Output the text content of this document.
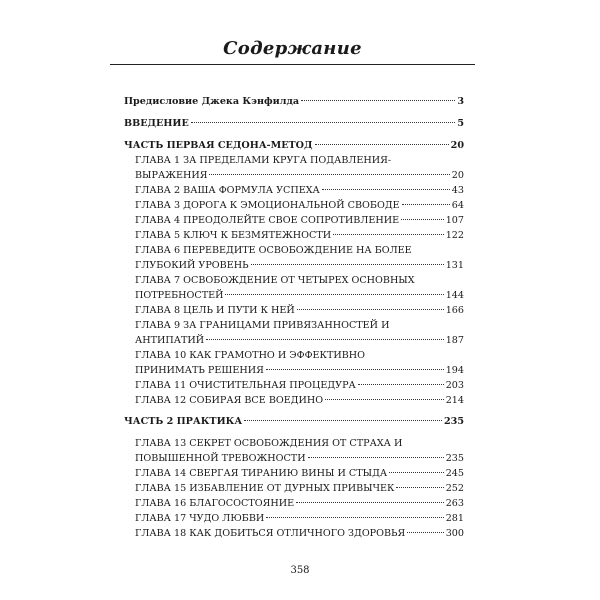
Содержание
Предисловие Джека Кэнфилда	3
ВВЕДЕНИЕ	5
ЧАСТЬ ПЕРВАЯ СЕДОНА-МЕТОД	20
ГЛАВА 1 ЗА ПРЕДЕЛАМИ КРУГА ПОДАВЛЕНИЯ-
ВЫРАЖЕНИЯ	20
ГЛАВА 2 ВАША ФОРМУЛА УСПЕХА	43
ГЛАВА 3 ДОРОГА К ЭМОЦИОНАЛЬНОЙ СВОБОДЕ	64
ГЛАВА 4 ПРЕОДОЛЕЙТЕ СВОЕ СОПРОТИВЛЕНИЕ	107
ГЛАВА 5 КЛЮЧ К БЕЗМЯТЕЖНОСТИ	122
ГЛАВА 6 ПЕРЕВЕДИТЕ ОСВОБОЖДЕНИЕ НА БОЛЕЕ
ГЛУБОКИЙ УРОВЕНЬ	131
ГЛАВА 7 ОСВОБОЖДЕНИЕ ОТ ЧЕТЫРЕХ ОСНОВНЫХ
ПОТРЕБНОСТЕЙ	144
ГЛАВА 8 ЦЕЛЬ И ПУТИ К НЕЙ	166
ГЛАВА 9 ЗА ГРАНИЦАМИ ПРИВЯЗАННОСТЕЙ И
АНТИПАТИЙ	187
ГЛАВА 10 КАК ГРАМОТНО И ЭФФЕКТИВНО
ПРИНИМАТЬ РЕШЕНИЯ	194
ГЛАВА 11 ОЧИСТИТЕЛЬНАЯ ПРОЦЕДУРА	203
ГЛАВА 12 СОБИРАЯ ВСЕ ВОЕДИНО	214
ЧАСТЬ 2 ПРАКТИКА	235
ГЛАВА 13 СЕКРЕТ ОСВОБОЖДЕНИЯ ОТ СТРАХА И
ПОВЫШЕННОЙ ТРЕВОЖНОСТИ	235
ГЛАВА 14 СВЕРГАЯ ТИРАНИЮ ВИНЫ И СТЫДА	245
ГЛАВА 15 ИЗБАВЛЕНИЕ ОТ ДУРНЫХ ПРИВЫЧЕК	252
ГЛАВА 16 БЛАГОСОСТОЯНИЕ	263
ГЛАВА 17 ЧУДО ЛЮБВИ	281
ГЛАВА 18 КАК ДОБИТЬСЯ ОТЛИЧНОГО ЗДОРОВЬЯ	300
358
